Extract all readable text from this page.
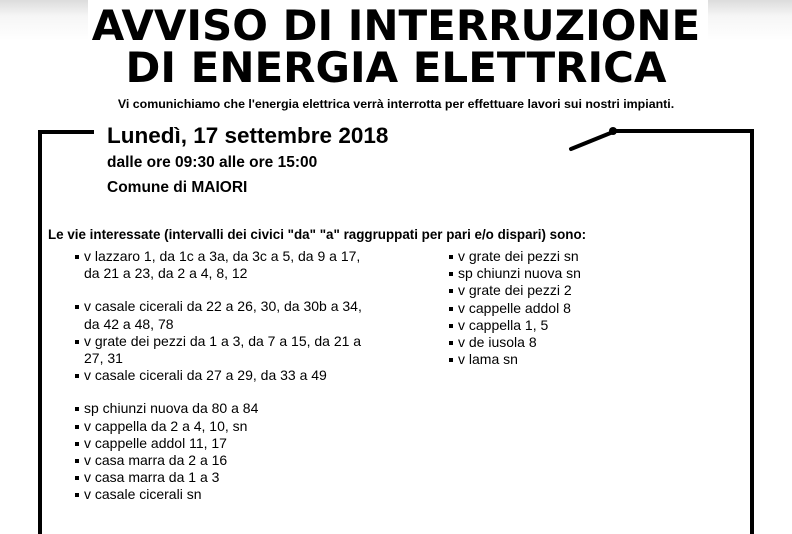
AVVISO DI INTERRUZIONE
DI ENERGIA ELETTRICA
Vi comunichiamo che l'energia elettrica verrà interrotta per effettuare lavori sui nostri impianti.
Lunedì, 17 settembre 2018
dalle ore 09:30 alle ore 15:00
Comune di MAIORI
Le vie interessate (intervalli dei civici "da" "a" raggruppati per pari e/o dispari) sono:
v lazzaro 1, da 1c a 3a, da 3c a 5, da 9 a 17, da 21 a 23, da 2 a 4, 8, 12
v casale cicerali da 22 a 26, 30, da 30b a 34, da 42 a 48, 78
v grate dei pezzi da 1 a 3, da 7 a 15, da 21 a 27, 31
v casale cicerali da 27 a 29, da 33 a 49
sp chiunzi nuova da 80 a 84
v cappella da 2 a 4, 10, sn
v cappelle addol 11, 17
v casa marra da 2 a 16
v casa marra da 1 a 3
v casale cicerali sn
v grate dei pezzi sn
sp chiunzi nuova sn
v grate dei pezzi 2
v cappelle addol 8
v cappella 1, 5
v de iusola 8
v lama sn
